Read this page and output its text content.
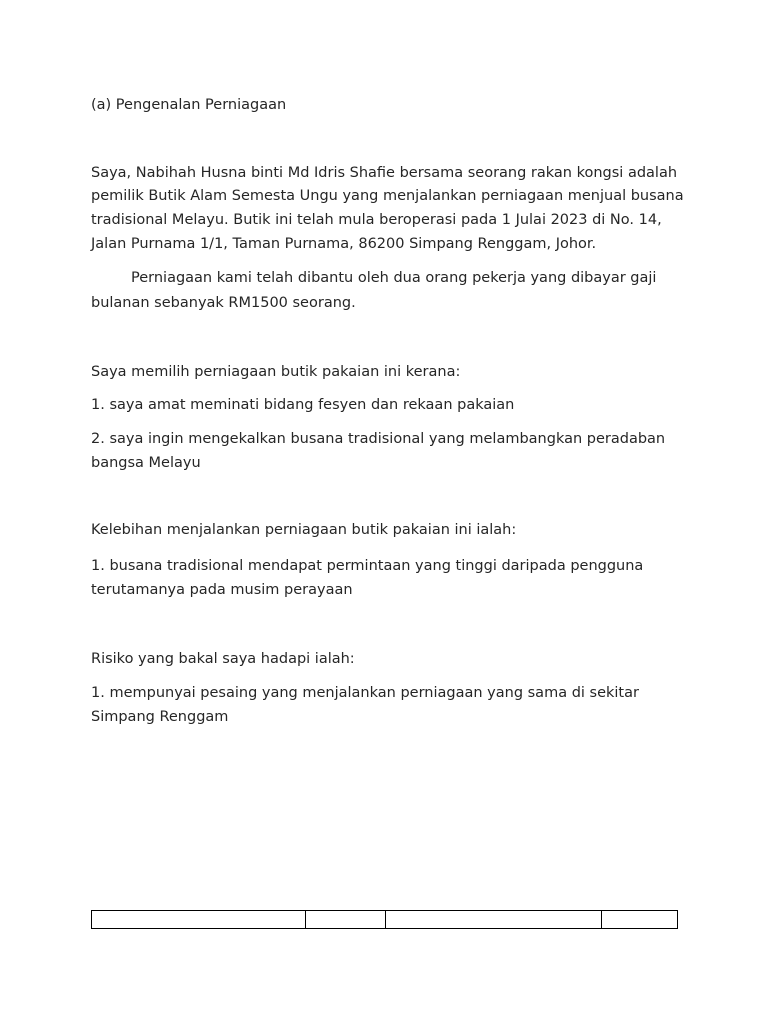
(a) Pengenalan Perniagaan

Saya, Nabihah Husna binti Md Idris Shafie bersama seorang rakan kongsi adalah

pemilik Butik Alam Semesta Ungu yang menjalankan perniagaan menjual busana

tradisional Melayu. Butik ini telah mula beroperasi pada 1 Julai 2023 di No. 14,

Jalan Purnama 1/1, Taman Purnama, 86200 Simpang Renggam, Johor.

Perniagaan kami telah dibantu oleh dua orang pekerja yang dibayar gaji

bulanan sebanyak RM1500 seorang.

Saya memilih perniagaan butik pakaian ini kerana:

1. saya amat meminati bidang fesyen dan rekaan pakaian

2. saya ingin mengekalkan busana tradisional yang melambangkan peradaban

bangsa Melayu

Kelebihan menjalankan perniagaan butik pakaian ini ialah:

1. busana tradisional mendapat permintaan yang tinggi daripada pengguna

terutamanya pada musim perayaan

Risiko yang bakal saya hadapi ialah:

1. mempunyai pesaing yang menjalankan perniagaan yang sama di sekitar

Simpang Renggam
